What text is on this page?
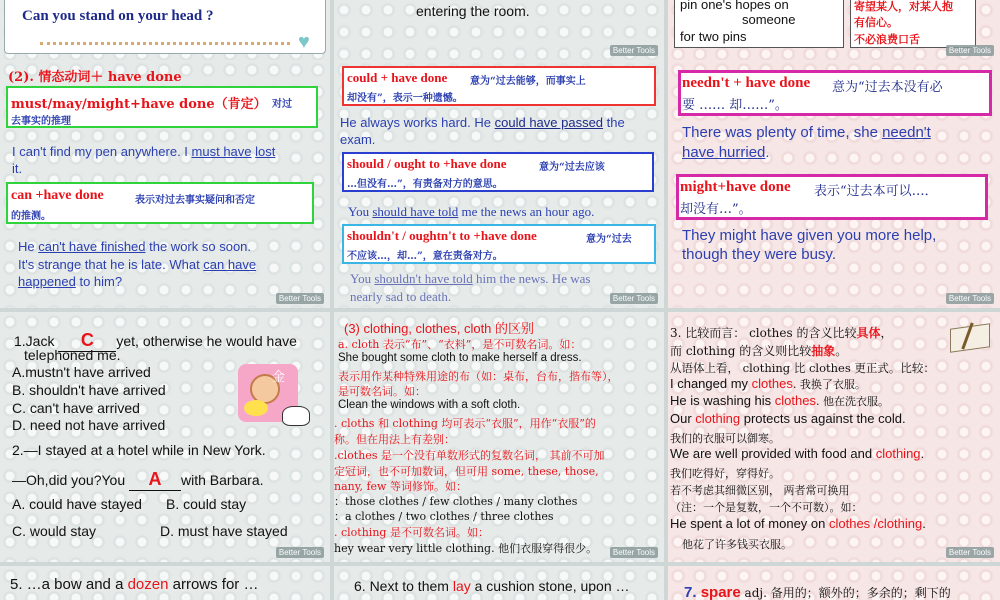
Can you stand on your head ?
♥
(2). 情态动词＋ have done
must/may/might+have done（肯定） 对过
去事实的推理
I can't find my pen anywhere. I must have lost
it.
can +have done	表示对过去事实疑问和否定
的推测。
He can't have finished the work so soon.
It's strange that he is late. What can have
happened to him?
Better Tools
entering the room.
Better Tools
could + have done 意为“过去能够，而事实上
却没有”，表示一种遗憾。
He always works hard. He could have passed the
exam.
should / ought to +have done	意为“过去应该
…但没有…”，有责备对方的意思。
You should have told me the news an hour ago.
shouldn't / oughtn't to +have done	意为“过去
不应该…，却…”，意在责备对方。
You shouldn't have told him the news. He was
nearly sad to death.	Better Tools
pin one's hopes on	寄望某人，对某人抱
someone	有信心。
for two pins	不必浪费口舌
Better Tools
needn't + have done 意为“过去本没有必
要 …… 却……”。
There was plenty of time, she needn't
have hurried.
might+have done 表示“过去本可以…．
却没有…”。
They might have given you more help,
though they were busy.
Better Tools
1.Jack C yet, otherwise he would have
telephoned me.
A.mustn't have arrived
B. shouldn't have arrived
C. can't have arrived
D. need not have arrived
金
2.—I stayed at a hotel while in New York.
—Oh,did you?You A with Barbara.
A. could have stayed B. could stay
C. would stay	D. must have stayed
Better Tools
(3) clothing, clothes, cloth 的区别
a. cloth 表示“布”、“衣料”，是不可数名词。如：
She bought some cloth to make herself a dress.
表示用作某种特殊用途的布（如：桌布，台布，揩布等），
是可数名词。如：
Clean the windows with a soft cloth.
. cloths 和 clothing 均可表示“衣服”，用作“衣服”的
称。但在用法上有差别：
.clothes 是一个没有单数形式的复数名词， 其前不可加
定冠词，也不可加数词，但可用 some, these, those,
nany, few 等词修饰。如：
：those clothes / few clothes / many clothes
：a clothes / two clothes / three clothes
. clothing 是不可数名词。如：
hey wear very little clothing. 他们衣服穿得很少。	Better Tools
3. 比较而言： clothes 的含义比较具体，
而 clothing 的含义则比较抽象。
从语体上看， clothing 比 clothes 更正式。比较：
I changed my clothes. 我换了衣服。
He is washing his clothes. 他在洗衣服。
Our clothing protects us against the cold.
我们的衣服可以御寒。
We are well provided with food and clothing.
我们吃得好，穿得好。
若不考虑其细微区别， 两者常可换用
（注：一个是复数，一个不可数）。如：
He spent a lot of money on clothes /clothing.
他花了许多钱买衣服。
Better Tools
5. …a bow and a dozen arrows for …	6. Next to them lay a cushion stone, upon …	7. spare adj. 备用的；额外的；多余的；剩下的
